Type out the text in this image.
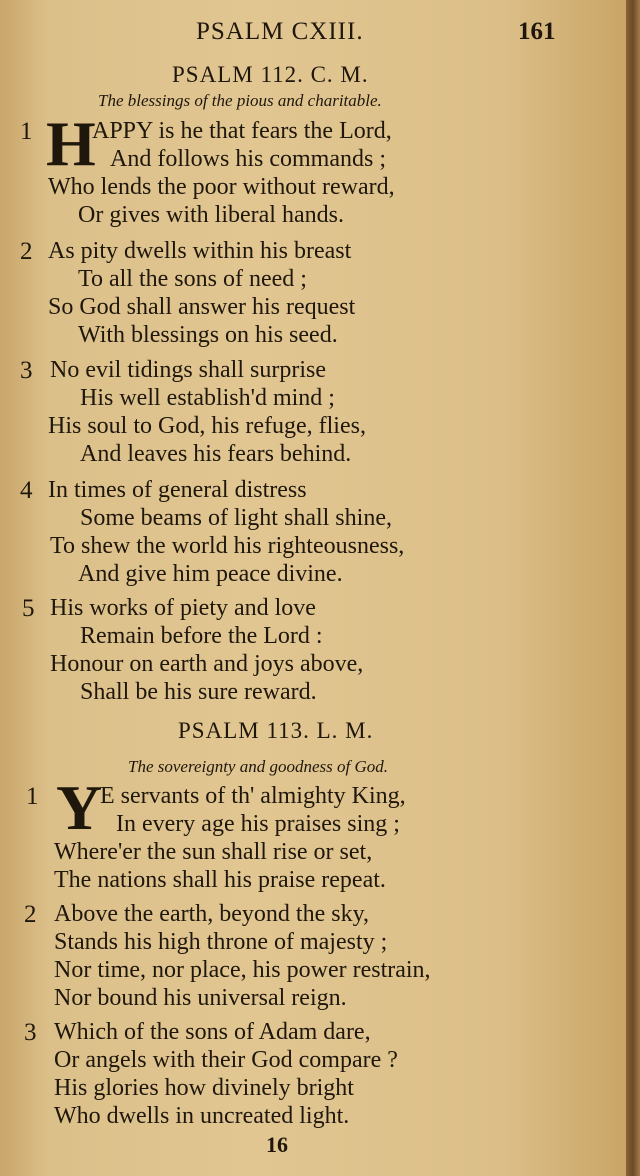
PSALM CXIII.	161
PSALM 112. C. M.
The blessings of the pious and charitable.
1 H
APPY is he that fears the Lord,
And follows his commands ;
Who lends the poor without reward,
Or gives with liberal hands.
2 As pity dwells within his breast
To all the sons of need ;
So God shall answer his request
With blessings on his seed.
3 No evil tidings shall surprise
His well establish'd mind ;
His soul to God, his refuge, flies,
And leaves his fears behind.
4 In times of general distress
Some beams of light shall shine,
To shew the world his righteousness,
And give him peace divine.
5 His works of piety and love
Remain before the Lord :
Honour on earth and joys above,
Shall be his sure reward.
PSALM 113. L. M.
The sovereignty and goodness of God.
1 Y
E servants of th' almighty King,
In every age his praises sing ;
Where'er the sun shall rise or set,
The nations shall his praise repeat.
2 Above the earth, beyond the sky,
Stands his high throne of majesty ;
Nor time, nor place, his power restrain,
Nor bound his universal reign.
3 Which of the sons of Adam dare,
Or angels with their God compare ?
His glories how divinely bright
Who dwells in uncreated light.
16
